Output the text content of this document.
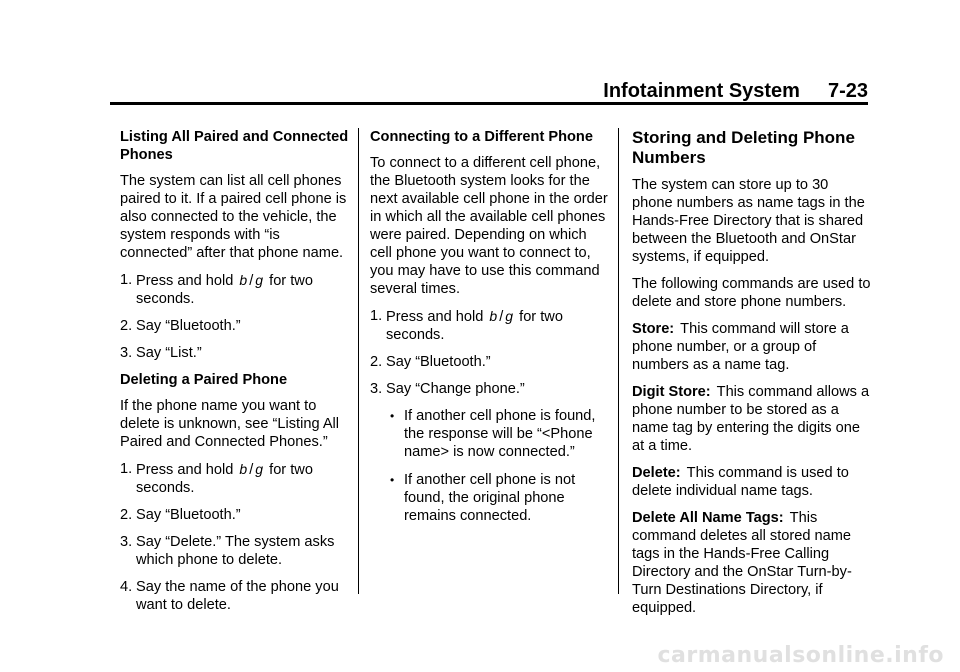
Infotainment System 7-23
Listing All Paired and Connected Phones

The system can list all cell phones paired to it. If a paired cell phone is also connected to the vehicle, the system responds with “is connected” after that phone name.

1. Press and hold b / g for two seconds.
2. Say “Bluetooth.”
3. Say “List.”
Deleting a Paired Phone

If the phone name you want to delete is unknown, see “Listing All Paired and Connected Phones.”

1. Press and hold b / g for two seconds.
2. Say “Bluetooth.”
3. Say “Delete.” The system asks which phone to delete.
4. Say the name of the phone you want to delete.
Connecting to a Different Phone

To connect to a different cell phone, the Bluetooth system looks for the next available cell phone in the order in which all the available cell phones were paired. Depending on which cell phone you want to connect to, you may have to use this command several times.

1. Press and hold b / g for two seconds.
2. Say “Bluetooth.”
3. Say “Change phone.”
• If another cell phone is found, the response will be “<Phone name> is now connected.”
• If another cell phone is not found, the original phone remains connected.
Storing and Deleting Phone Numbers

The system can store up to 30 phone numbers as name tags in the Hands-Free Directory that is shared between the Bluetooth and OnStar systems, if equipped.

The following commands are used to delete and store phone numbers.

Store: This command will store a phone number, or a group of numbers as a name tag.

Digit Store: This command allows a phone number to be stored as a name tag by entering the digits one at a time.

Delete: This command is used to delete individual name tags.

Delete All Name Tags: This command deletes all stored name tags in the Hands-Free Calling Directory and the OnStar Turn-by-Turn Destinations Directory, if equipped.

carmanualsonline.info
